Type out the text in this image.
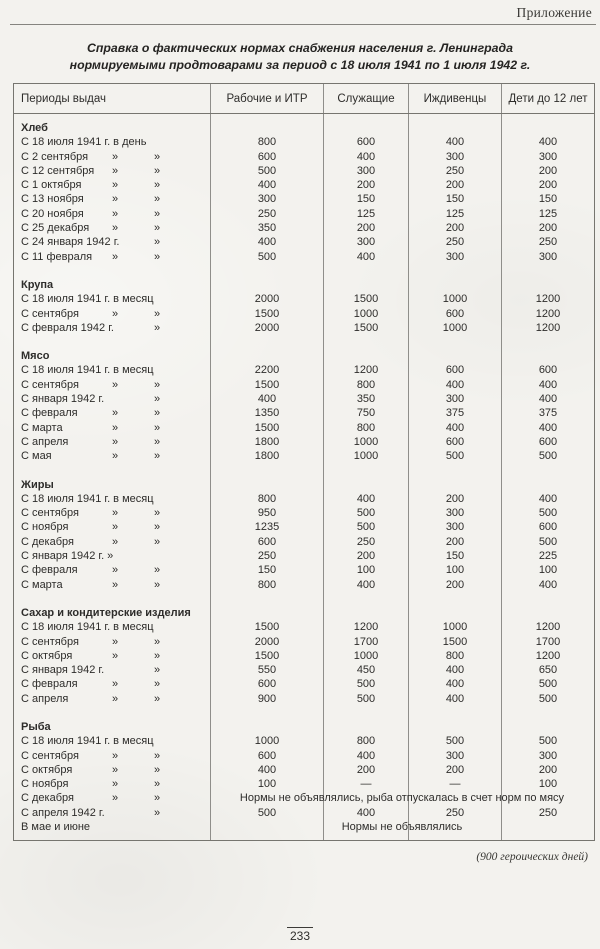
Приложение
Справка о фактических нормах снабжения населения г. Ленинграда
нормируемыми продтоварами за период с 18 июля 1941 по 1 июля 1942 г.
Периоды выдач	Рабочие и ИТР	Служащие	Иждивенцы	Дети до 12 лет
Хлеб
С 18 июля 1941 г. в день	800	600	400	400
С 2 сентября	»	»	600	400	300	300
С 12 сентября	»	»	500	300	250	200
С 1 октября	»	»	400	200	200	200
С 13 ноября	»	»	300	150	150	150
С 20 ноября	»	»	250	125	125	125
С 25 декабря	»	»	350	200	200	200
С 24 января 1942 г.	»	400	300	250	250
С 11 февраля	»	»	500	400	300	300
Крупа
С 18 июля 1941 г. в месяц	2000	1500	1000	1200
С сентября	»	»	1500	1000	600	1200
С февраля 1942 г.	»	2000	1500	1000	1200
Мясо
С 18 июля 1941 г. в месяц	2200	1200	600	600
С сентября	»	»	1500	800	400	400
С января 1942 г.	»	400	350	300	400
С февраля	»	»	1350	750	375	375
С марта	»	»	1500	800	400	400
С апреля	»	»	1800	1000	600	600
С мая	»	»	1800	1000	500	500
Жиры
С 18 июля 1941 г. в месяц	800	400	200	400
С сентября	»	»	950	500	300	500
С ноября	»	»	1235	500	300	600
С декабря	»	»	600	250	200	500
С января 1942 г. »	250	200	150	225
С февраля	»	»	150	100	100	100
С марта	»	»	800	400	200	400
Сахар и кондитерские изделия
С 18 июля 1941 г. в месяц	1500	1200	1000	1200
С сентября	»	»	2000	1700	1500	1700
С октября	»	»	1500	1000	800	1200
С января 1942 г.	»	550	450	400	650
С февраля	»	»	600	500	400	500
С апреля	»	»	900	500	400	500
Рыба
С 18 июля 1941 г. в месяц	1000	800	500	500
С сентября	»	»	600	400	300	300
С октября	»	»	400	200	200	200
С ноября	»	»	100	—	—	100
С декабря	»	»	Нормы не объявлялись, рыба отпускалась в счет норм по мясу
С апреля 1942 г.	»	500	400	250	250
В мае и июне	Нормы не объявлялись
(900 героических дней)
233
